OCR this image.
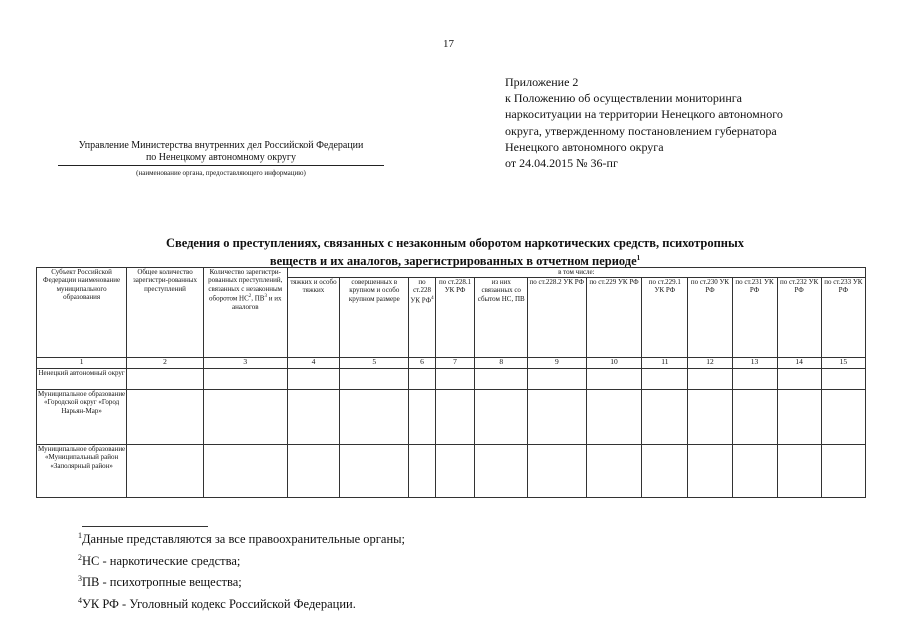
17
Приложение 2
к Положению об осуществлении мониторинга
наркоситуации на территории Ненецкого автономного
округа, утвержденному постановлением губернатора
Ненецкого автономного округа
от 24.04.2015 № 36-пг
Управление Министерства внутренних дел Российской Федерации
по Ненецкому автономному округу
(наименование органа, предоставляющего информацию)
Сведения о преступлениях, связанных с незаконным оборотом наркотических средств, психотропных
веществ и их аналогов, зарегистрированных в отчетном периоде$^1$
Субъект Российской Федерации наименование муниципального образования	Общее количество зарегистри-рованных преступлений	Количество зарегистри-рованных преступлений, связанных с незаконным оборотом $НС^2$, $ПВ^3$ и их аналогов	в том числе:											
			тяжких и особо тяжких	совершенных в крупном и особо крупном размере	по ст.228 УК $РФ^4$	по ст.228.1 УК РФ	из них связанных со сбытом НС, ПВ	по ст.228.2 УК РФ	по ст.229 УК РФ	по ст.229.1 УК РФ	по ст.230 УК РФ	по ст.231 УК РФ	по ст.232 УК РФ	по ст.233 УК РФ
1	2	3	4	5	6	7	8	9	10	11	12	13	14	15
Ненецкий автономный округ														
Муниципальное образование «Городской округ «Город Нарьян-Мар»														
Муниципальное образование «Муниципальный район «Заполярный район»														
$^1$Данные представляются за все правоохранительные органы;
$^2$НС - наркотические средства;
$^3$ПВ - психотропные вещества;
$^4$УК РФ - Уголовный кодекс Российской Федерации.
